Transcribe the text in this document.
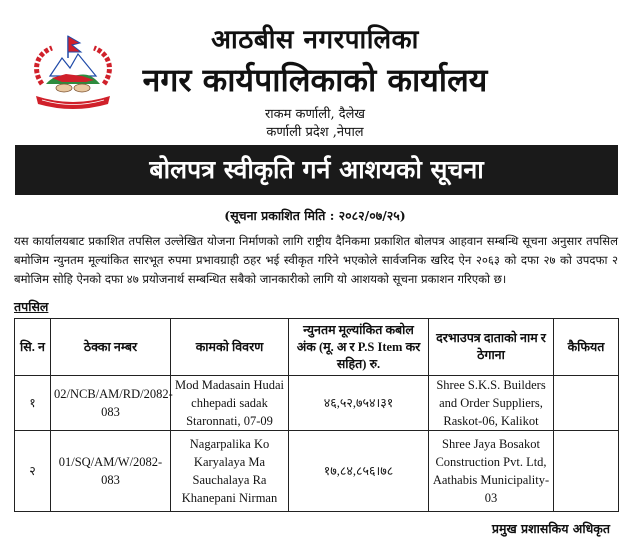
आठबीस नगरपालिका
नगर कार्यपालिकाको कार्यालय
राकम कर्णाली, दैलेख
कर्णाली प्रदेश ,नेपाल
बोलपत्र स्वीकृति गर्न आशयको सूचना
(सूचना प्रकाशित मिति : २०८२/०७/२५)

यस कार्यालयबाट प्रकाशित तपसिल उल्लेखित योजना निर्माणको लागि राष्ट्रीय दैनिकमा प्रकाशित बोलपत्र आहवान सम्बन्धि सूचना अनुसार तपसिल बमोजिम न्युनतम मूल्यांकित सारभूत रुपमा प्रभावग्राही ठहर भई स्वीकृत गरिने भएकोले सार्वजनिक खरिद ऐन २०६३ को दफा २७ को उपदफा २ बमोजिम सोहि ऐनको दफा ४७ प्रयोजनार्थ सम्बन्धित सबैको जानकारीको लागि यो आशयको सूचना प्रकाशन गरिएको छ।

तपसिल
सि. न	ठेक्का नम्बर	कामको विवरण	न्युनतम मूल्यांकित कबोल अंक (मू. अ र P.S Item कर सहित) रु.	दरभाउपत्र दाताको नाम र ठेगाना	कैफियत
१	02/NCB/AM/RD/2082-083	Mod Madasain Hudai chhepadi sadak Staronnati, 07-09	४६,५२,७५४।३१	Shree S.K.S. Builders and Order Suppliers, Raskot-06, Kalikot	
२	01/SQ/AM/W/2082-083	Nagarpalika Ko Karyalaya Ma Sauchalaya Ra Khanepani Nirman	१७,८४,८५६।७८	Shree Jaya Bosakot Construction Pvt. Ltd, Aathabis Municipality-03	
प्रमुख प्रशासकिय अधिकृत
